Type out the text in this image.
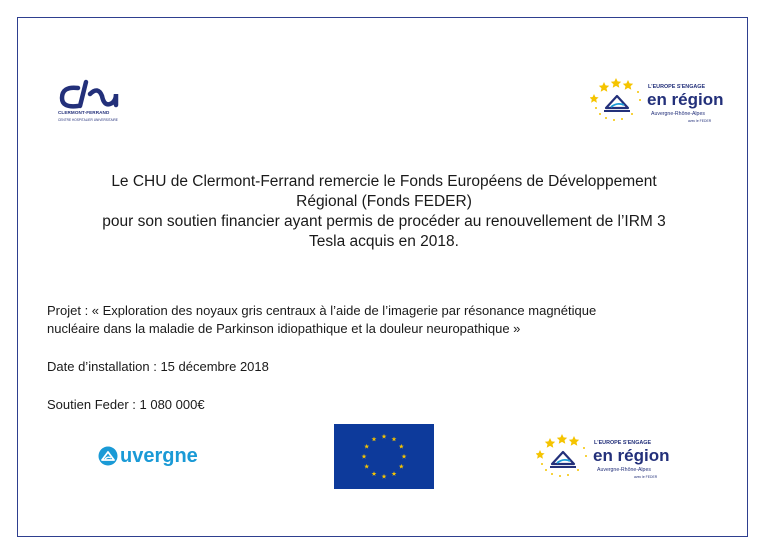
CLERMONT-FERRAND
CENTRE HOSPITALIER UNIVERSITAIRE
L'EUROPE S'ENGAGE
en région
Auvergne-Rhône-Alpes
avec le FEDER
Le CHU de Clermont-Ferrand remercie le Fonds Européens de Développement
Régional (Fonds FEDER)
pour son soutien financier ayant permis de procéder au renouvellement de l’IRM 3
Tesla acquis en 2018.
Projet : « Exploration des noyaux gris centraux à l’aide de l’imagerie par résonance magnétique
nucléaire dans la maladie de Parkinson idiopathique et la douleur neuropathique »
Date d’installation : 15 décembre 2018
Soutien Feder : 1 080 000€
uvergne
L'EUROPE S'ENGAGE
en région
Auvergne-Rhône-Alpes
avec le FEDER
